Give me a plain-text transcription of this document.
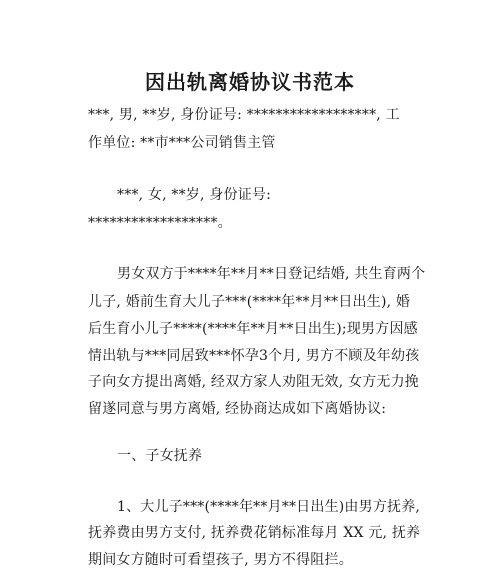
因出轨离婚协议书范本
***, 男, **岁, 身份证号: ******************, 工
作单位: **市***公司销售主管
***, 女, **岁, 身份证号:
******************。
男女双方于****年**月**日登记结婚, 共生育两个
儿子, 婚前生育大儿子***(****年**月**日出生), 婚
后生育小儿子****(****年**月**日出生);现男方因感
情出轨与***同居致***怀孕3个月, 男方不顾及年幼孩
子向女方提出离婚, 经双方家人劝阻无效, 女方无力挽
留遂同意与男方离婚, 经协商达成如下离婚协议:
一、子女抚养
1、大儿子***(****年**月**日出生)由男方抚养,
抚养费由男方支付, 抚养费花销标准每月 XX 元, 抚养
期间女方随时可看望孩子, 男方不得阻拦。
